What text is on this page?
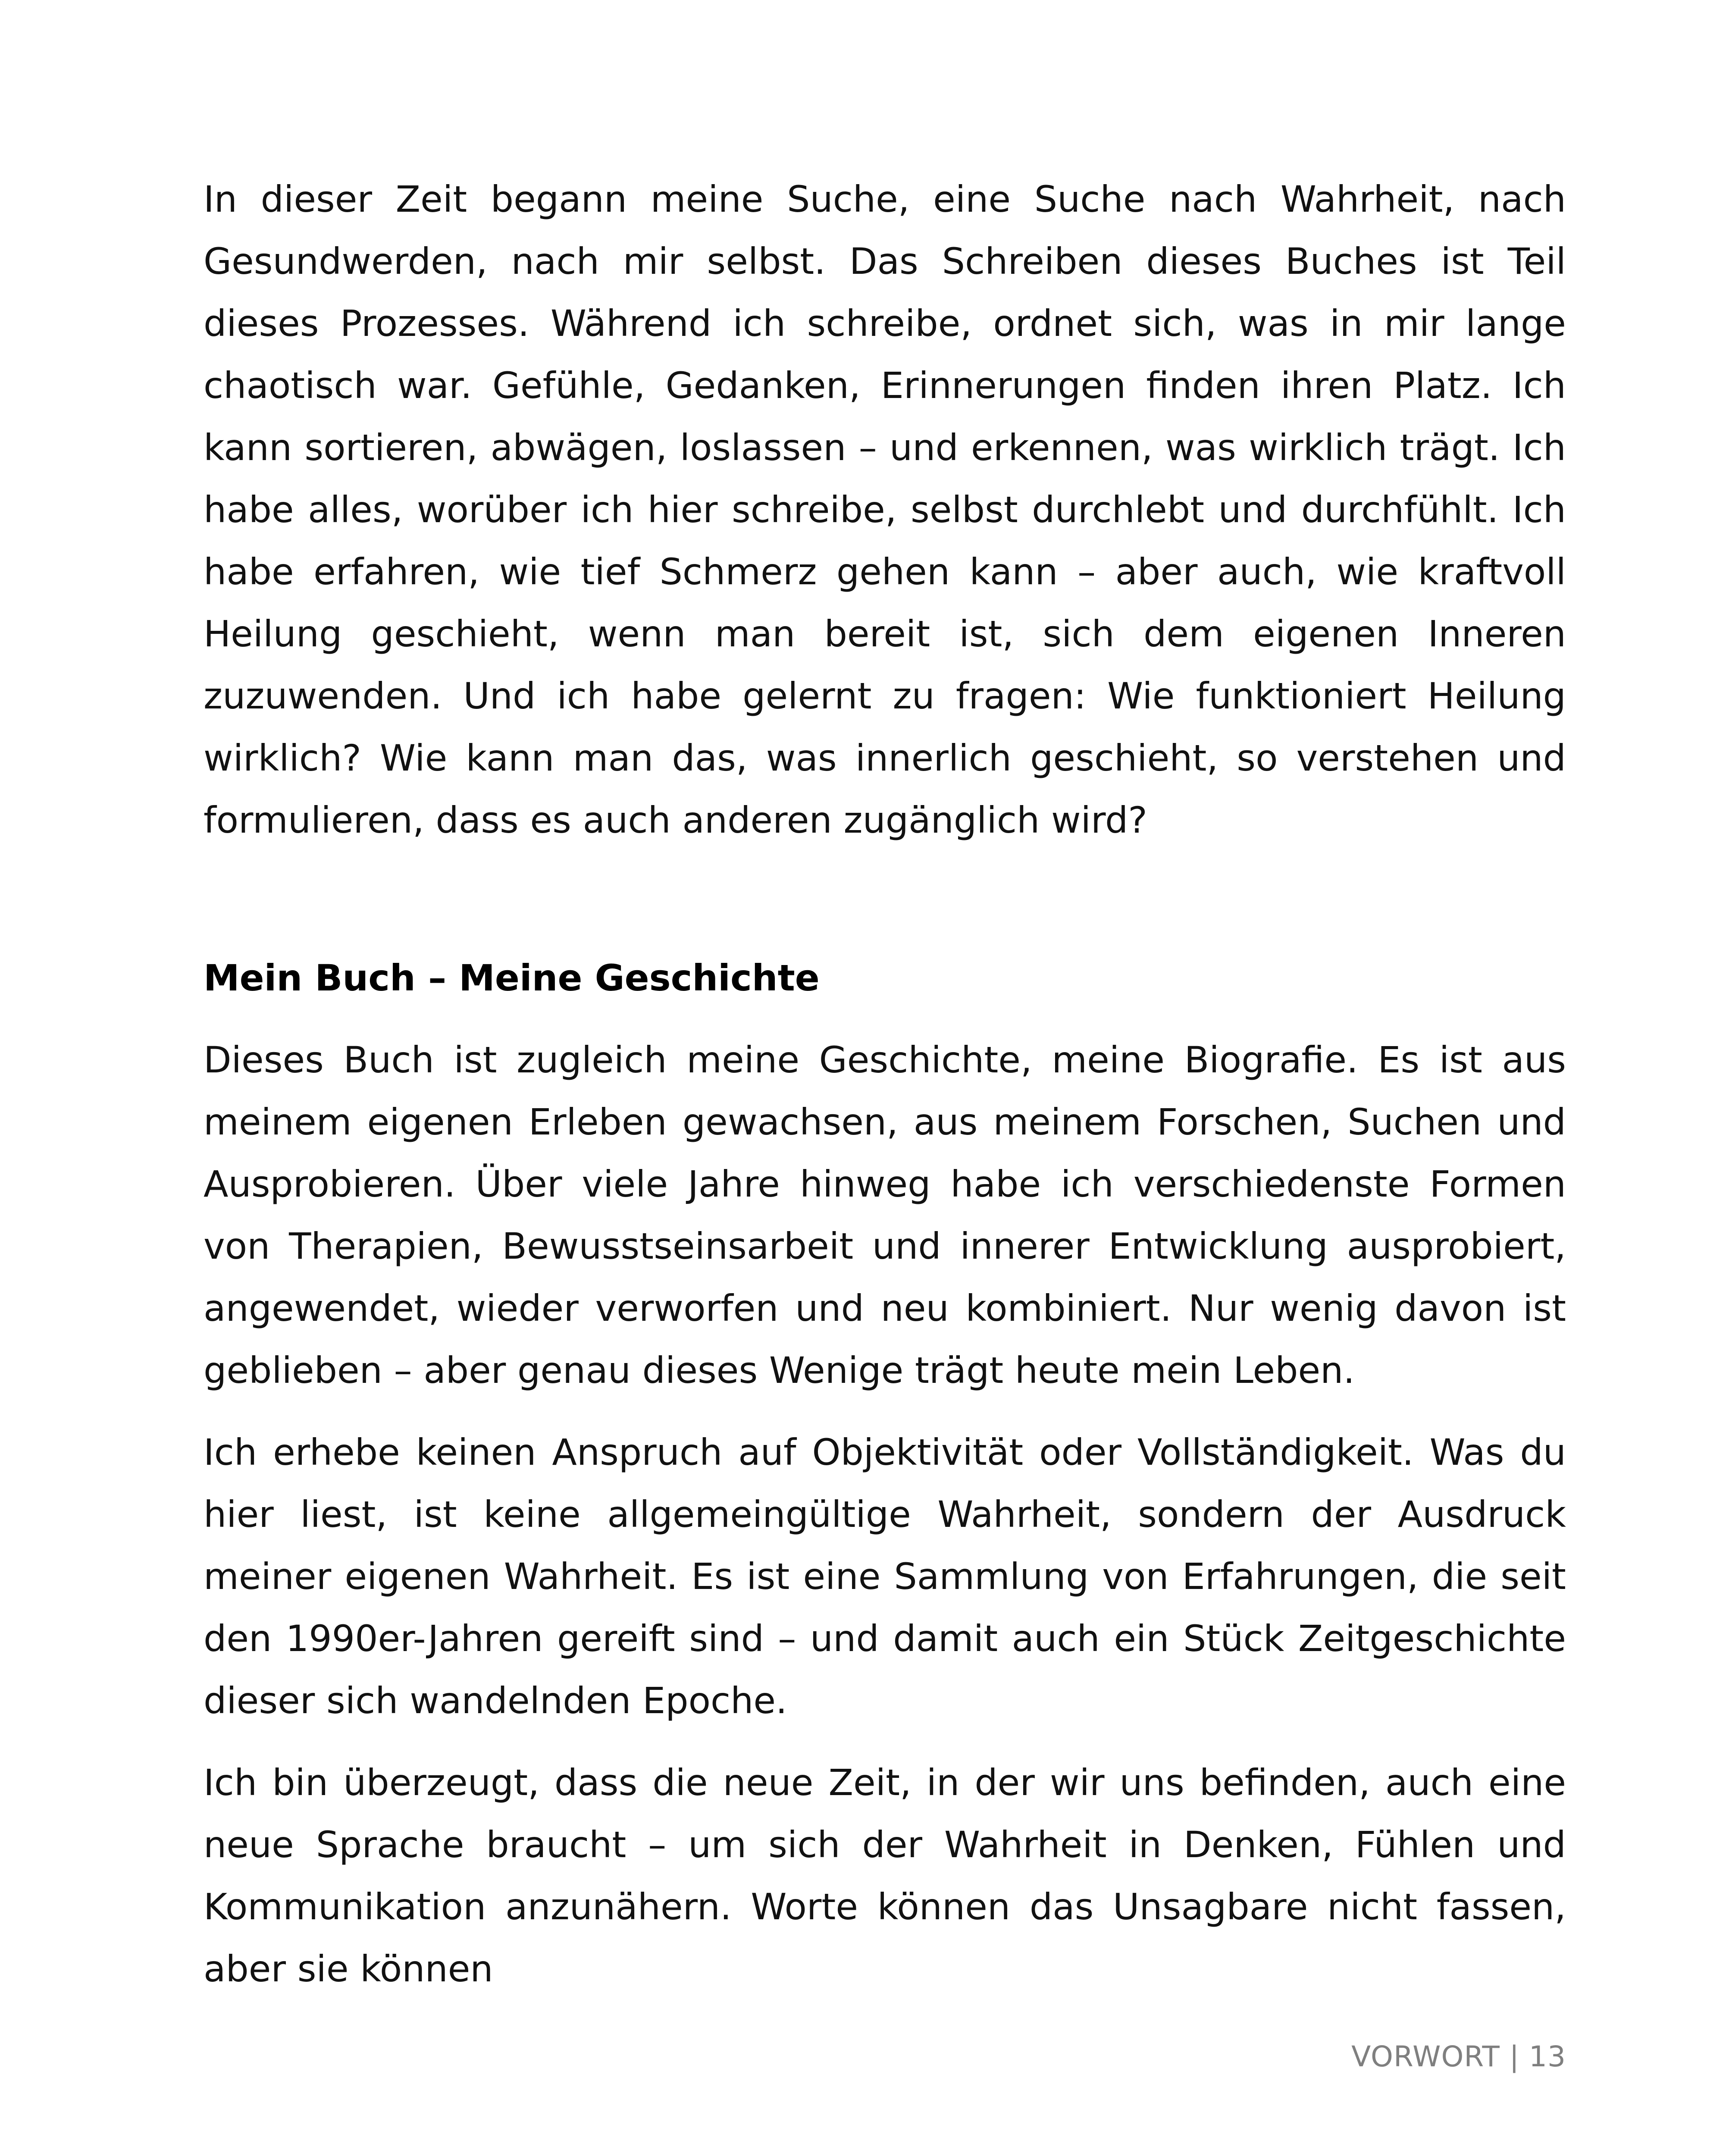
In dieser Zeit begann meine Suche, eine Suche nach Wahrheit, nach Gesundwerden, nach mir selbst. Das Schreiben dieses Buches ist Teil dieses Prozesses. Während ich schreibe, ordnet sich, was in mir lange chaotisch war. Gefühle, Gedanken, Erinnerungen finden ihren Platz. Ich kann sortieren, abwägen, loslassen – und erkennen, was wirklich trägt. Ich habe alles, worüber ich hier schreibe, selbst durchlebt und durchfühlt. Ich habe erfahren, wie tief Schmerz gehen kann – aber auch, wie kraftvoll Heilung geschieht, wenn man bereit ist, sich dem eigenen Inneren zuzuwenden. Und ich habe gelernt zu fragen: Wie funktioniert Heilung wirklich? Wie kann man das, was innerlich geschieht, so verstehen und formulieren, dass es auch anderen zugänglich wird?

Mein Buch – Meine Geschichte

Dieses Buch ist zugleich meine Geschichte, meine Biografie. Es ist aus meinem eigenen Erleben gewachsen, aus meinem Forschen, Suchen und Ausprobieren. Über viele Jahre hinweg habe ich verschiedenste Formen von Therapien, Bewusstseinsarbeit und innerer Entwicklung ausprobiert, angewendet, wieder verworfen und neu kombiniert. Nur wenig davon ist geblieben – aber genau dieses Wenige trägt heute mein Leben.

Ich erhebe keinen Anspruch auf Objektivität oder Vollständigkeit. Was du hier liest, ist keine allgemeingültige Wahrheit, sondern der Ausdruck meiner eigenen Wahrheit. Es ist eine Sammlung von Erfahrungen, die seit den 1990er-Jahren gereift sind – und damit auch ein Stück Zeitgeschichte dieser sich wandelnden Epoche.

Ich bin überzeugt, dass die neue Zeit, in der wir uns befinden, auch eine neue Sprache braucht – um sich der Wahrheit in Denken, Fühlen und Kommunikation anzunähern. Worte können das Unsagbare nicht fassen, aber sie können

VORWORT | 13
